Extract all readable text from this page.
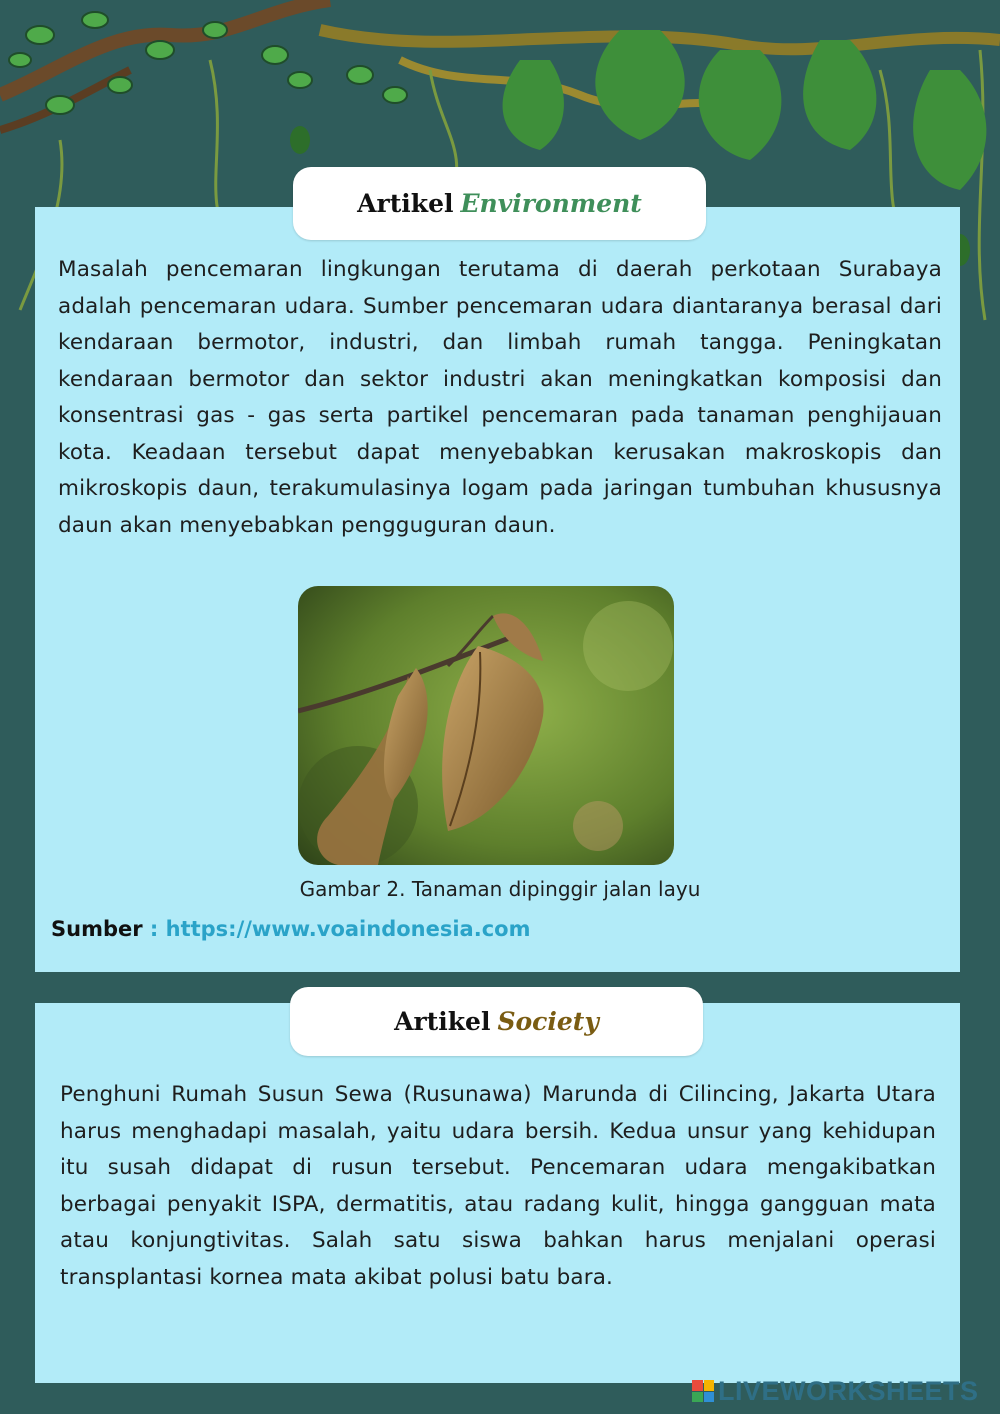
Artikel Environment

Masalah pencemaran lingkungan terutama di daerah perkotaan Surabaya adalah pencemaran udara. Sumber pencemaran udara diantaranya berasal dari kendaraan bermotor, industri, dan limbah rumah tangga. Peningkatan kendaraan bermotor dan sektor industri akan meningkatkan komposisi dan konsentrasi gas - gas serta partikel pencemaran pada tanaman penghijauan kota. Keadaan tersebut dapat menyebabkan kerusakan makroskopis dan mikroskopis daun, terakumulasinya logam pada jaringan tumbuhan khususnya daun akan menyebabkan pengguguran daun.

Gambar 2. Tanaman dipinggir jalan layu
Sumber : https://www.voaindonesia.com
Artikel Society

Penghuni Rumah Susun Sewa (Rusunawa) Marunda di Cilincing, Jakarta Utara harus menghadapi masalah, yaitu udara bersih. Kedua unsur yang kehidupan itu susah didapat di rusun tersebut. Pencemaran udara mengakibatkan berbagai penyakit ISPA, dermatitis, atau radang kulit, hingga gangguan mata atau konjungtivitas. Salah satu siswa bahkan harus menjalani operasi transplantasi kornea mata akibat polusi batu bara.

LIVEWORKSHEETS
